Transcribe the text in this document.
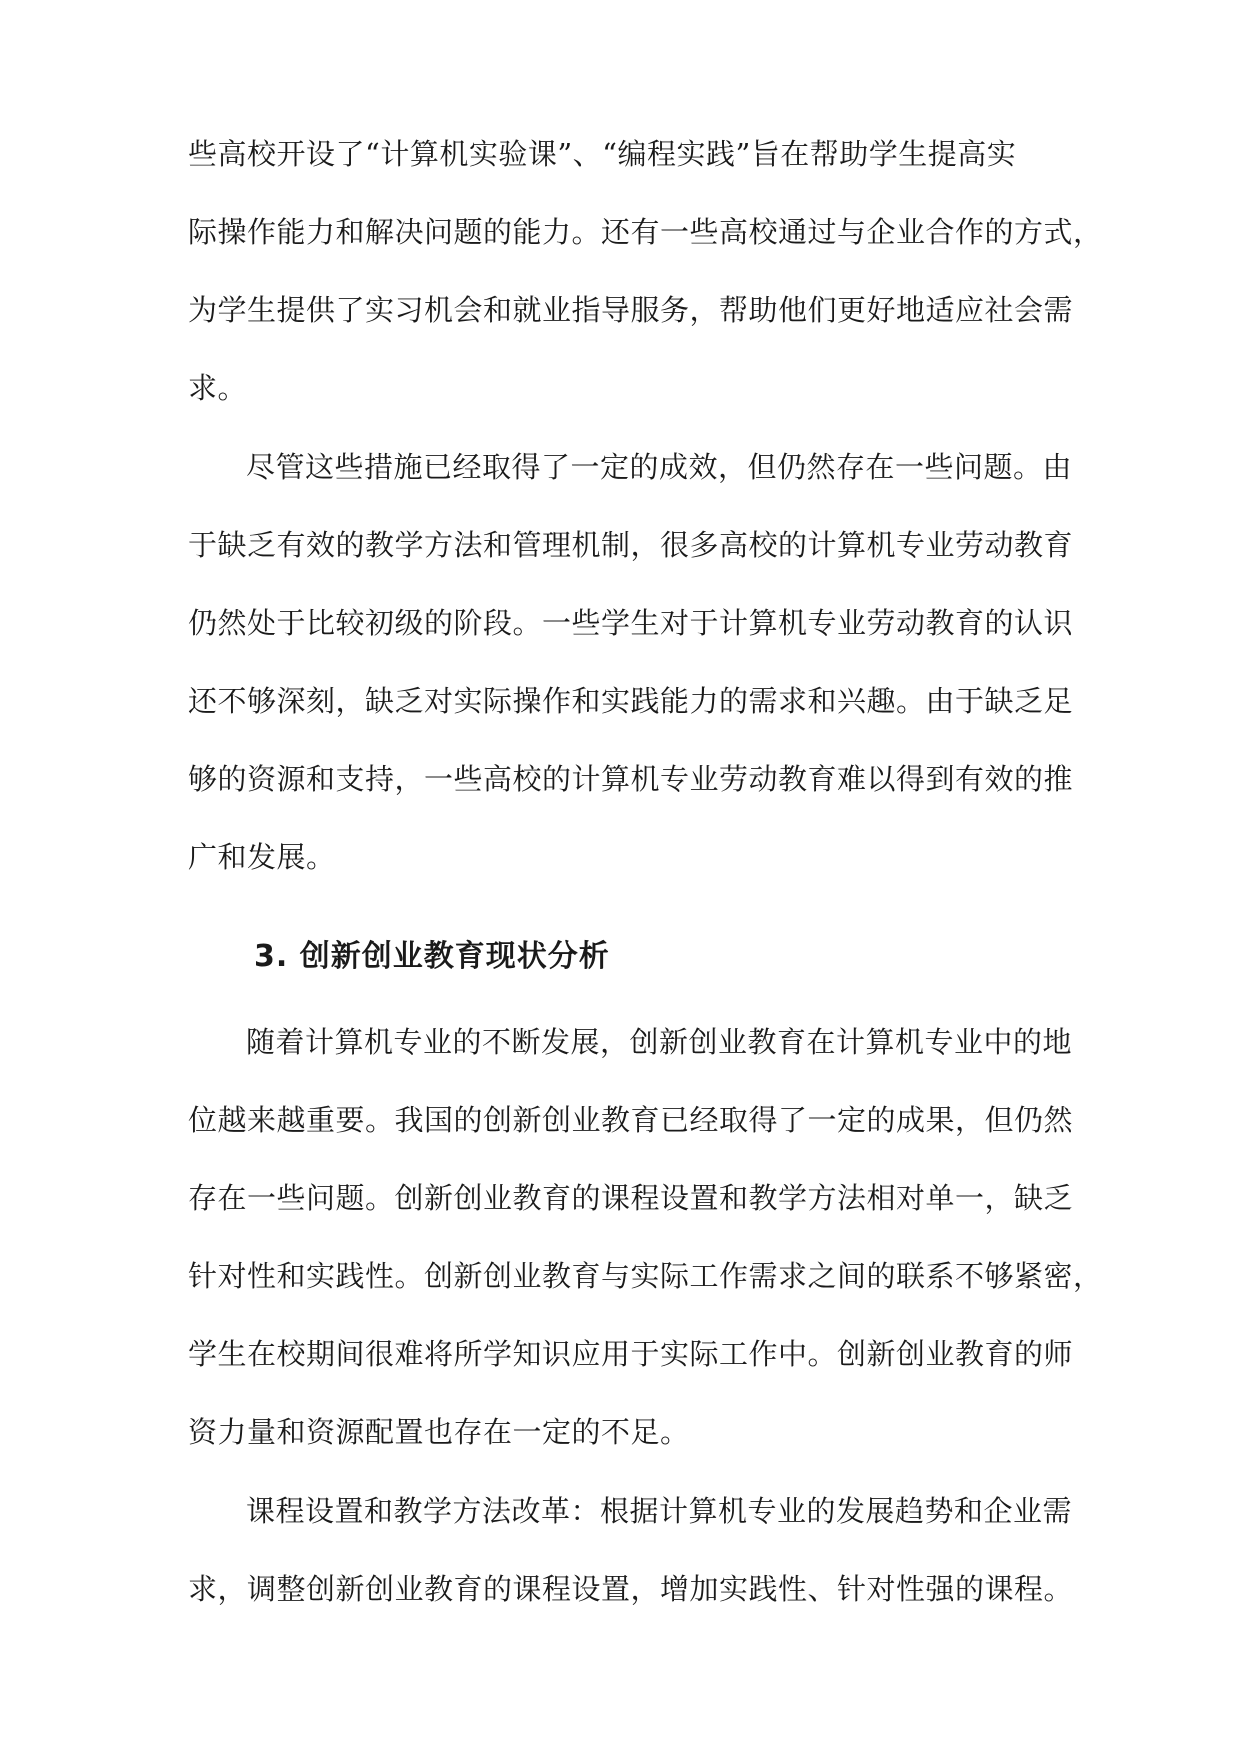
些高校开设了“计算机实验课”、“编程实践”旨在帮助学生提高实
际操作能力和解决问题的能力。还有一些高校通过与企业合作的方式，
为学生提供了实习机会和就业指导服务，帮助他们更好地适应社会需
求。
尽管这些措施已经取得了一定的成效，但仍然存在一些问题。由
于缺乏有效的教学方法和管理机制，很多高校的计算机专业劳动教育
仍然处于比较初级的阶段。一些学生对于计算机专业劳动教育的认识
还不够深刻，缺乏对实际操作和实践能力的需求和兴趣。由于缺乏足
够的资源和支持，一些高校的计算机专业劳动教育难以得到有效的推
广和发展。
3. 创新创业教育现状分析
随着计算机专业的不断发展，创新创业教育在计算机专业中的地
位越来越重要。我国的创新创业教育已经取得了一定的成果，但仍然
存在一些问题。创新创业教育的课程设置和教学方法相对单一，缺乏
针对性和实践性。创新创业教育与实际工作需求之间的联系不够紧密，
学生在校期间很难将所学知识应用于实际工作中。创新创业教育的师
资力量和资源配置也存在一定的不足。
课程设置和教学方法改革：根据计算机专业的发展趋势和企业需
求，调整创新创业教育的课程设置，增加实践性、针对性强的课程。
